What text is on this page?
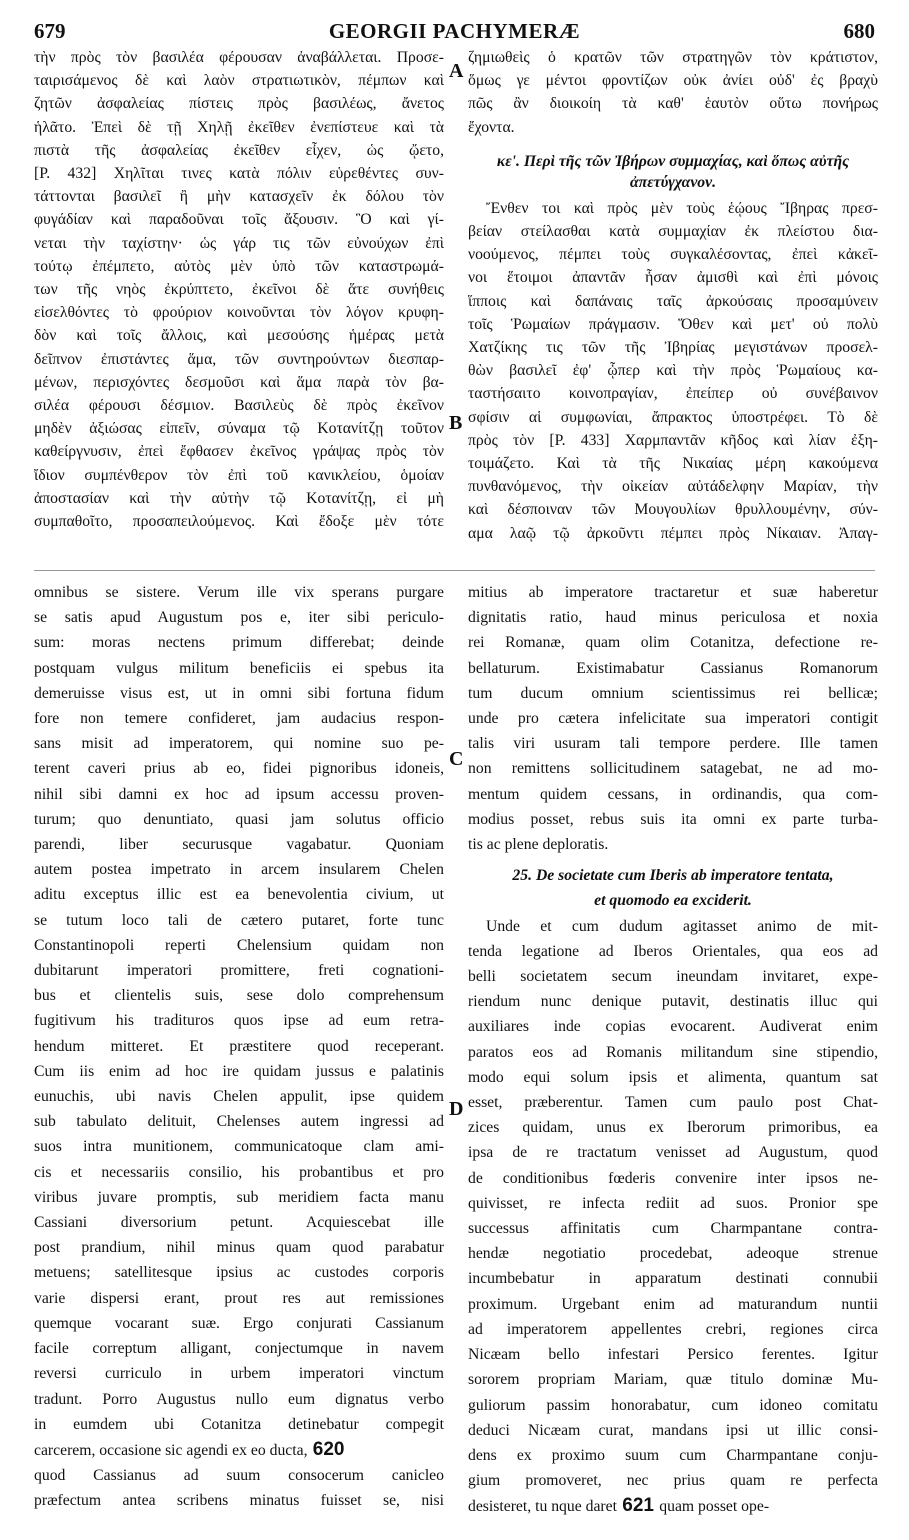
679	GEORGII PACHYMERÆ	680
τὴν πρὸς τὸν βασιλέα φέρουσαν ἀναβάλλεται. Προσε-
ταιρισάμενος δὲ καὶ λαὸν στρατιωτικὸν, πέμπων καὶ
ζητῶν ἀσφαλείας πίστεις πρὸς βασιλέως, ἄνετος
ἡλᾶτο. Ἐπεὶ δὲ τῇ Χηλῇ ἐκεῖθεν ἐνεπίστευε καὶ τὰ
πιστὰ τῆς ἀσφαλείας ἐκεῖθεν εἶχεν, ὡς ᾤετο,
[P. 432] Χηλῖται τινες κατὰ πόλιν εὑρεθέντες συν-
τάττονται βασιλεῖ ἢ μὴν κατασχεῖν ἐκ δόλου τὸν
φυγάδίαν καὶ παραδοῦναι τοῖς ἄξουσιν. Ὃ καὶ γί-
νεται τὴν ταχίστην· ὡς γάρ τις τῶν εὐνούχων ἐπὶ
τούτῳ ἐπέμπετο, αὐτὸς μὲν ὑπὸ τῶν καταστρωμά-
των τῆς νηὸς ἐκρύπτετο, ἐκεῖνοι δὲ ἅτε συνήθεις
εἰσελθόντες τὸ φρούριον κοινοῦνται τὸν λόγον κρυφη-
δὸν καὶ τοῖς ἄλλοις, καὶ μεσούσης ἡμέρας μετὰ
δεῖπνον ἐπιστάντες ἅμα, τῶν συντηρούντων διεσπαρ-
μένων, περισχόντες δεσμοῦσι καὶ ἅμα παρὰ τὸν βα-
σιλέα φέρουσι δέσμιον. Βασιλεὺς δὲ πρὸς ἐκεῖνον
μηδὲν ἀξιώσας εἰπεῖν, σύναμα τῷ Κοτανίτζῃ τοῦτον
καθείργνυσιν, ἐπεὶ ἔφθασεν ἐκεῖνος γράψας πρὸς τὸν
ἴδιον συμπένθερον τὸν ἐπὶ τοῦ κανικλείου, ὁμοίαν
ἀποστασίαν καὶ τὴν αὐτὴν τῷ Κοτανίτζῃ, εἰ μὴ
συμπαθοῖτο, προσαπειλούμενος. Καὶ ἔδοξε μὲν τότε
ζημιωθεὶς ὁ κρατῶν τῶν στρατηγῶν τὸν κράτιστον,
ὅμως γε μέντοι φροντίζων οὐκ ἀνίει οὐδ' ἐς βραχὺ
πῶς ἂν διοικοίη τὰ καθ' ἑαυτὸν οὕτω πονήρως
ἔχοντα.
κε'. Περὶ τῆς τῶν Ἰβήρων συμμαχίας, καὶ ὅπως αὐτῆς ἀπετύγχανον.
Ἔνθεν τοι καὶ πρὸς μὲν τοὺς ἑῴους Ἴβηρας πρεσ-
βείαν στείλασθαι κατὰ συμμαχίαν ἐκ πλείστου δια-
νοούμενος, πέμπει τοὺς συγκαλέσοντας, ἐπεὶ κἀκεῖ-
νοι ἕτοιμοι ἀπαντᾶν ἦσαν ἀμισθὶ καὶ ἐπὶ μόνοις
ἵπποις καὶ δαπάναις ταῖς ἀρκούσαις προσαμύνειν
τοῖς Ῥωμαίων πράγμασιν. Ὅθεν καὶ μετ' οὐ πολὺ
Χατζίκης τις τῶν τῆς Ἰβηρίας μεγιστάνων προσελ-
θὼν βασιλεῖ ἐφ' ᾧπερ καὶ τὴν πρὸς Ῥωμαίους κα-
ταστήσαιτο κοινοπραγίαν, ἐπείπερ οὐ συνέβαινον
σφίσιν αἱ συμφωνίαι, ἄπρακτος ὑποστρέφει. Τὸ δὲ
πρὸς τὸν [P. 433] Χαρμπαντᾶν κῆδος καὶ λίαν ἐξη-
τοιμάζετο. Καὶ τὰ τῆς Νικαίας μέρη κακούμενα
πυνθανόμενος, τὴν οἰκείαν αὐτάδελφην Μαρίαν, τὴν
καὶ δέσποιναν τῶν Μουγουλίων θρυλλουμένην, σύν-
αμα λαῷ τῷ ἀρκοῦντι πέμπει πρὸς Νίκαιαν. Ἀπαγ-
A
B
omnibus se sistere. Verum ille vix sperans purgare
se satis apud Augustum pos e, iter sibi periculo-
sum: moras nectens primum differebat; deinde
postquam vulgus militum beneficiis ei spebus ita
demeruisse visus est, ut in omni sibi fortuna fidum
fore non temere confideret, jam audacius respon-
sans misit ad imperatorem, qui nomine suo pe-
terent caveri prius ab eo, fidei pignoribus idoneis,
nihil sibi damni ex hoc ad ipsum accessu proven-
turum; quo denuntiato, quasi jam solutus officio
parendi, liber securusque vagabatur. Quoniam
autem postea impetrato in arcem insularem Chelen
aditu exceptus illic est ea benevolentia civium, ut
se tutum loco tali de cætero putaret, forte tunc
Constantinopoli reperti Chelensium quidam non
dubitarunt imperatori promittere, freti cognationi-
bus et clientelis suis, sese dolo comprehensum
fugitivum his tradituros quos ipse ad eum retra-
hendum mitteret. Et præstitere quod receperant.
Cum iis enim ad hoc ire quidam jussus e palatinis
eunuchis, ubi navis Chelen appulit, ipse quidem
sub tabulato delituit, Chelenses autem ingressi ad
suos intra munitionem, communicatoque clam ami-
cis et necessariis consilio, his probantibus et pro
viribus juvare promptis, sub meridiem facta manu
Cassiani diversorium petunt. Acquiescebat ille
post prandium, nihil minus quam quod parabatur
metuens; satellitesque ipsius ac custodes corporis
varie dispersi erant, prout res aut remissiones
quemque vocarant suæ. Ergo conjurati Cassianum
facile correptum alligant, conjectumque in navem
reversi curriculo in urbem imperatori vinctum
tradunt. Porro Augustus nullo eum dignatus verbo
in eumdem ubi Cotanitza detinebatur compegit
carcerem, occasione sic agendi ex eo ducta, 620
quod Cassianus ad suum consocerum canicleo
præfectum antea scribens minatus fuisset se, nisi
mitius ab imperatore tractaretur et suæ haberetur
dignitatis ratio, haud minus periculosa et noxia
rei Romanæ, quam olim Cotanitza, defectione re-
bellaturum. Existimabatur Cassianus Romanorum
tum ducum omnium scientissimus rei bellicæ;
unde pro cætera infelicitate sua imperatori contigit
talis viri usuram tali tempore perdere. Ille tamen
non remittens sollicitudinem satagebat, ne ad mo-
mentum quidem cessans, in ordinandis, qua com-
modius posset, rebus suis ita omni ex parte turba-
tis ac plene deploratis.
25. De societate cum Iberis ab imperatore tentata,
et quomodo ea exciderit.
Unde et cum dudum agitasset animo de mit-
tenda legatione ad Iberos Orientales, qua eos ad
belli societatem secum ineundam invitaret, expe-
riendum nunc denique putavit, destinatis illuc qui
auxiliares inde copias evocarent. Audiverat enim
paratos eos ad Romanis militandum sine stipendio,
modo equi solum ipsis et alimenta, quantum sat
esset, præberentur. Tamen cum paulo post Chat-
zices quidam, unus ex Iberorum primoribus, ea
ipsa de re tractatum venisset ad Augustum, quod
de conditionibus fœderis convenire inter ipsos ne-
quivisset, re infecta rediit ad suos. Pronior spe
successus affinitatis cum Charmpantane contra-
hendæ negotiatio procedebat, adeoque strenue
incumbebatur in apparatum destinati connubii
proximum. Urgebant enim ad maturandum nuntii
ad imperatorem appellentes crebri, regiones circa
Nicæam bello infestari Persico ferentes. Igitur
sororem propriam Mariam, quæ titulo dominæ Mu-
guliorum passim honorabatur, cum idoneo comitatu
deduci Nicæam curat, mandans ipsi ut illic consi-
dens ex proximo suum cum Charmpantane conju-
gium promoveret, nec prius quam re perfecta
desisteret, tu nque daret 621 quam posset ope-
C
D
